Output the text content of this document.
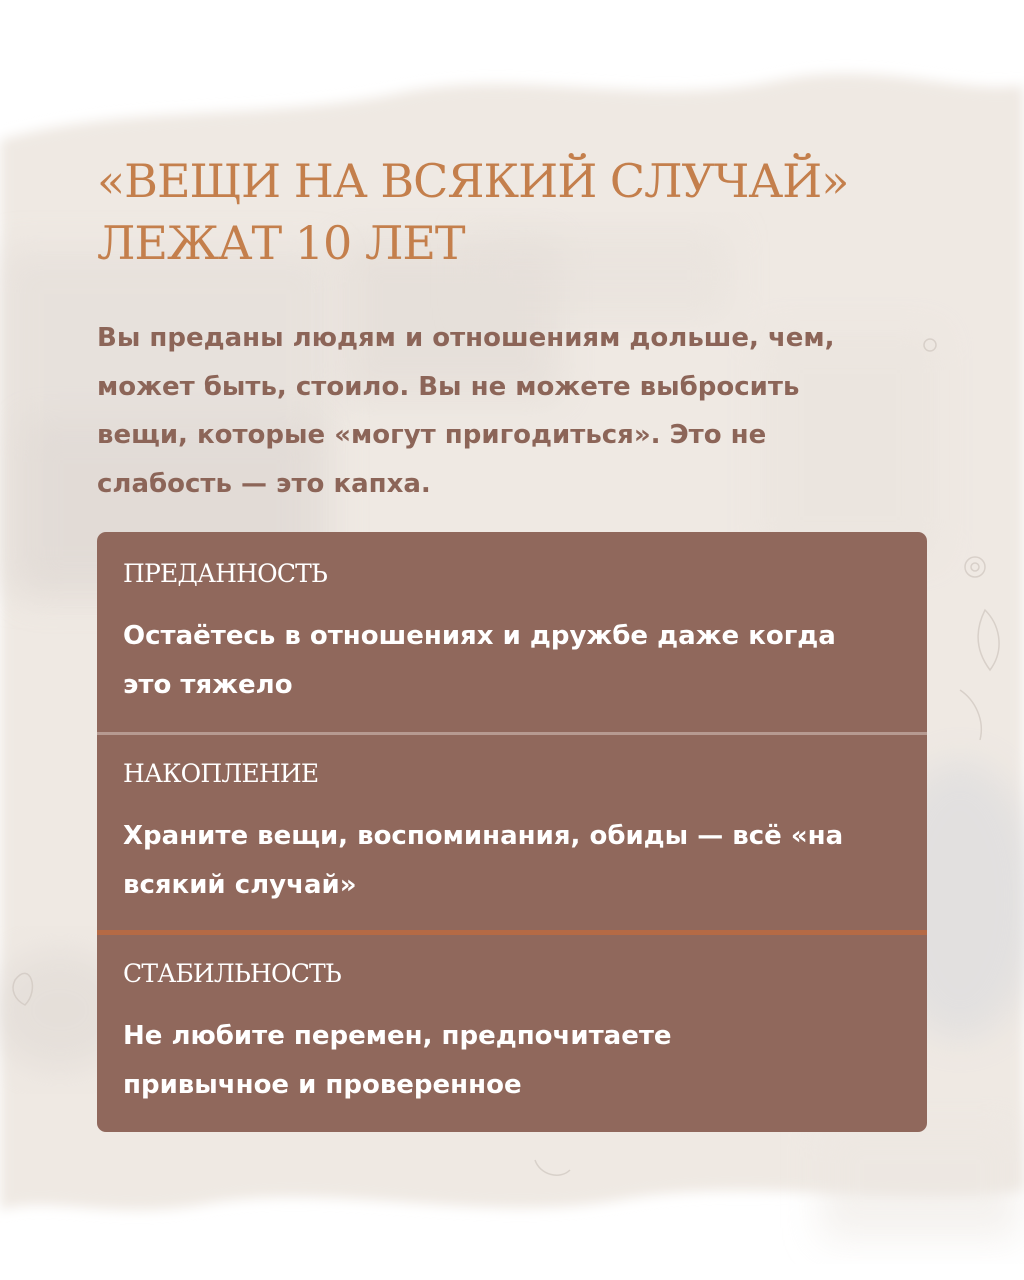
«ВЕЩИ НА ВСЯКИЙ СЛУЧАЙ»
ЛЕЖАТ 10 ЛЕТ

Вы преданы людям и отношениям дольше, чем,
может быть, стоило. Вы не можете выбросить
вещи, которые «могут пригодиться». Это не
слабость — это капха.

ПРЕДАННОСТЬ

Остаётесь в отношениях и дружбе даже когда
это тяжело

НАКОПЛЕНИЕ

Храните вещи, воспоминания, обиды — всё «на
всякий случай»

СТАБИЛЬНОСТЬ

Не любите перемен, предпочитаете
привычное и проверенное
